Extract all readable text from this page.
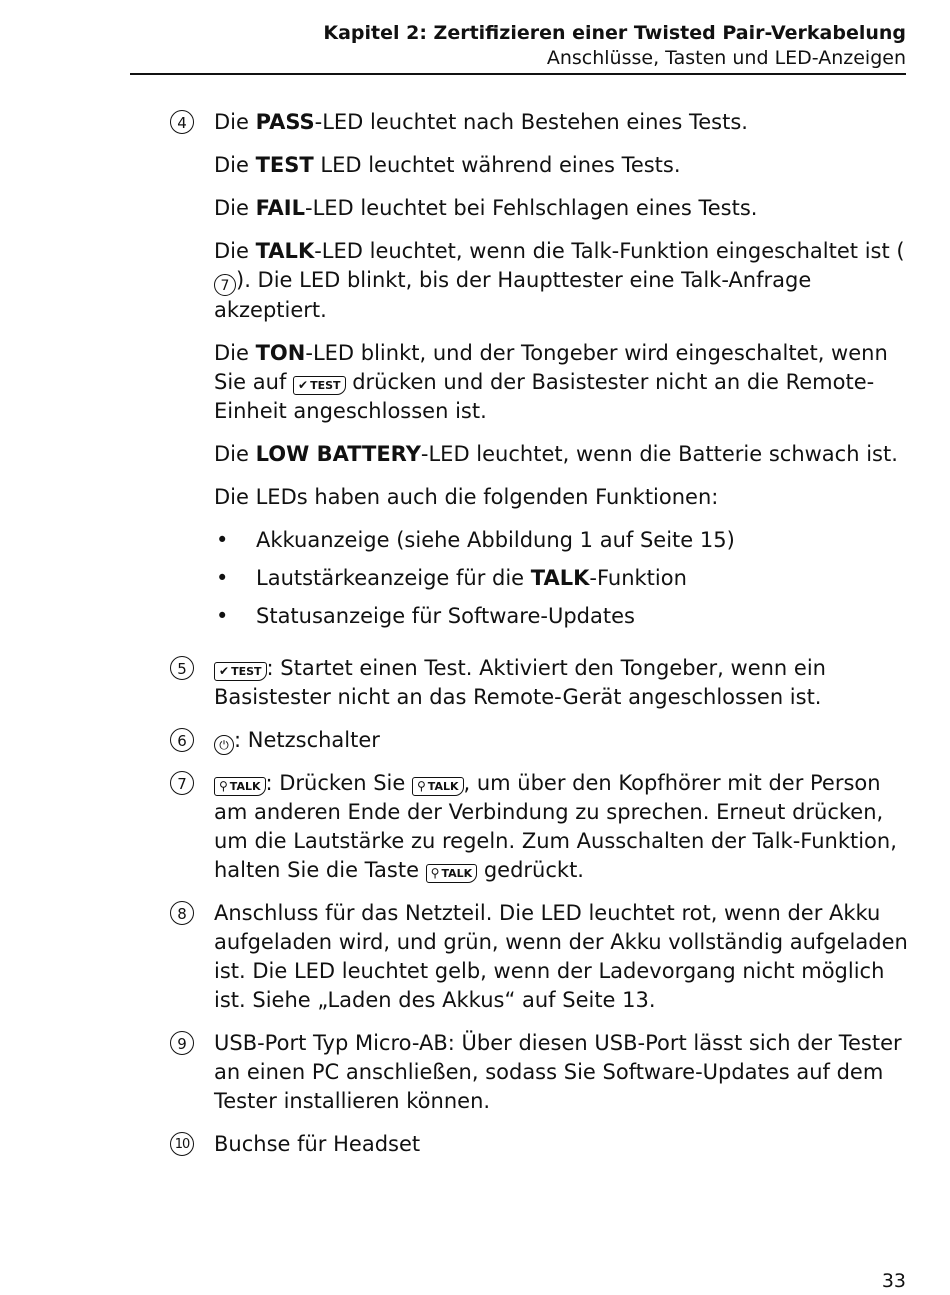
Kapitel 2: Zertifizieren einer Twisted Pair-Verkabelung
Anschlüsse, Tasten und LED-Anzeigen
4	Die PASS-LED leuchtet nach Bestehen eines Tests.

Die TEST LED leuchtet während eines Tests.

Die FAIL-LED leuchtet bei Fehlschlagen eines Tests.

Die TALK-LED leuchtet, wenn die Talk-Funktion eingeschaltet ist (7 ). Die LED blinkt, bis der Haupttester eine Talk-Anfrage akzeptiert.

Die TON-LED blinkt, und der Tongeber wird eingeschaltet, wenn Sie auf ✔ TEST drücken und der Basistester nicht an die Remote-Einheit angeschlossen ist.

Die LOW BATTERY-LED leuchtet, wenn die Batterie schwach ist.

Die LEDs haben auch die folgenden Funktionen:

• Akkuanzeige (siehe Abbildung 1 auf Seite 15)
• Lautstärkeanzeige für die TALK-Funktion
• Statusanzeige für Software-Updates
5	✔ TEST : Startet einen Test. Aktiviert den Tongeber, wenn ein Basistester nicht an das Remote-Gerät angeschlossen ist.

6	⏻ : Netzschalter

7	⚲ TALK : Drücken Sie ⚲ TALK , um über den Kopfhörer mit der Person am anderen Ende der Verbindung zu sprechen. Erneut drücken, um die Lautstärke zu regeln. Zum Ausschalten der Talk-Funktion, halten Sie die Taste ⚲ TALK gedrückt.

8	Anschluss für das Netzteil. Die LED leuchtet rot, wenn der Akku aufgeladen wird, und grün, wenn der Akku vollständig aufgeladen ist. Die LED leuchtet gelb, wenn der Ladevorgang nicht möglich ist. Siehe „Laden des Akkus“ auf Seite 13.

9	USB-Port Typ Micro-AB: Über diesen USB-Port lässt sich der Tester an einen PC anschließen, sodass Sie Software-Updates auf dem Tester installieren können.

10 Buchse für Headset

33
